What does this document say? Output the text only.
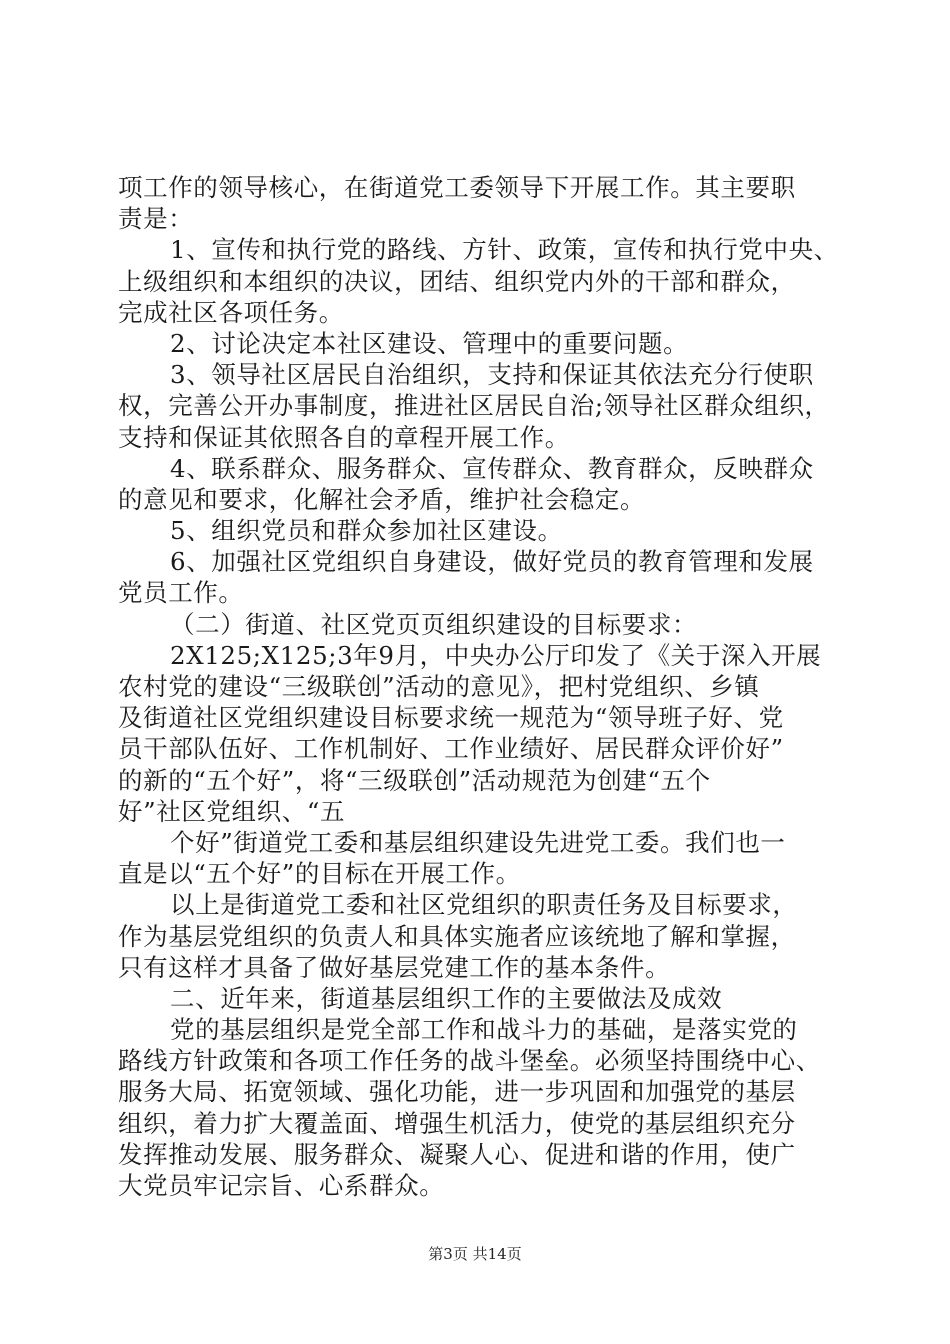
项工作的领导核心，在街道党工委领导下开展工作。其主要职
责是：
1、宣传和执行党的路线、方针、政策，宣传和执行党中央、
上级组织和本组织的决议，团结、组织党内外的干部和群众，
完成社区各项任务。
2、讨论决定本社区建设、管理中的重要问题。
3、领导社区居民自治组织，支持和保证其依法充分行使职
权，完善公开办事制度，推进社区居民自治;领导社区群众组织，
支持和保证其依照各自的章程开展工作。
4、联系群众、服务群众、宣传群众、教育群众，反映群众
的意见和要求，化解社会矛盾，维护社会稳定。
5、组织党员和群众参加社区建设。
6、加强社区党组织自身建设，做好党员的教育管理和发展
党员工作。
（二）街道、社区党页页组织建设的目标要求：
2X125;X125;3年9月，中央办公厅印发了《关于深入开展
农村党的建设“三级联创”活动的意见》，把村党组织、乡镇
及街道社区党组织建设目标要求统一规范为“领导班子好、党
员干部队伍好、工作机制好、工作业绩好、居民群众评价好”
的新的“五个好”，将“三级联创”活动规范为创建“五个
好”社区党组织、“五
个好”街道党工委和基层组织建设先进党工委。我们也一
直是以“五个好”的目标在开展工作。
以上是街道党工委和社区党组织的职责任务及目标要求，
作为基层党组织的负责人和具体实施者应该统地了解和掌握，
只有这样才具备了做好基层党建工作的基本条件。
二、近年来，街道基层组织工作的主要做法及成效
党的基层组织是党全部工作和战斗力的基础，是落实党的
路线方针政策和各项工作任务的战斗堡垒。必须坚持围绕中心、
服务大局、拓宽领域、强化功能，进一步巩固和加强党的基层
组织，着力扩大覆盖面、增强生机活力，使党的基层组织充分
发挥推动发展、服务群众、凝聚人心、促进和谐的作用，使广
大党员牢记宗旨、心系群众。
第3页 共14页
